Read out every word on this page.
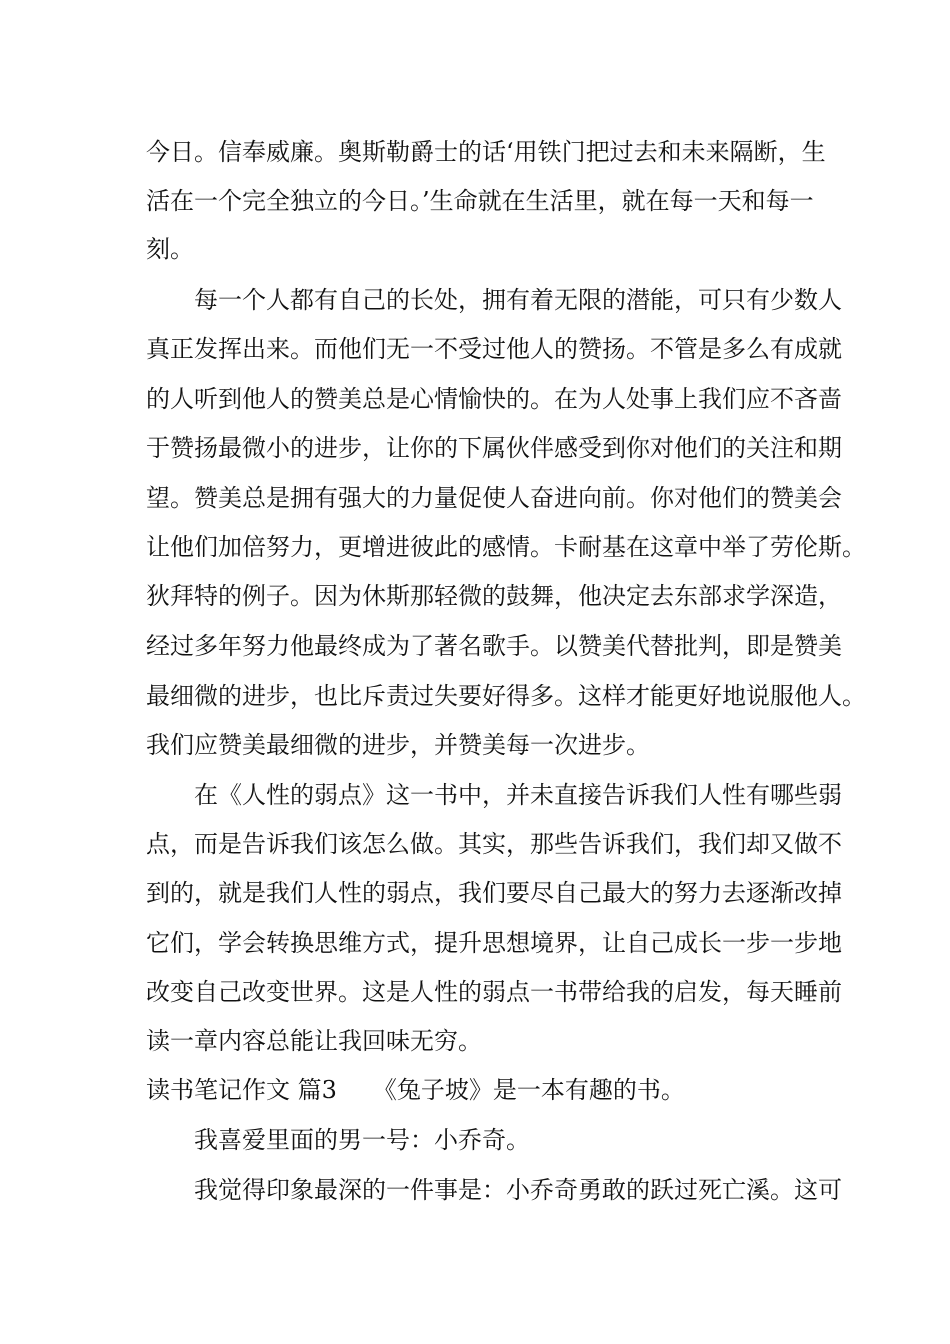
今日。信奉威廉。奥斯勒爵士的话‘用铁门把过去和未来隔断，生
活在一个完全独立的今日。’生命就在生活里，就在每一天和每一
刻。
每一个人都有自己的长处，拥有着无限的潜能，可只有少数人
真正发挥出来。而他们无一不受过他人的赞扬。不管是多么有成就
的人听到他人的赞美总是心情愉快的。在为人处事上我们应不吝啬
于赞扬最微小的进步，让你的下属伙伴感受到你对他们的关注和期
望。赞美总是拥有强大的力量促使人奋进向前。你对他们的赞美会
让他们加倍努力，更增进彼此的感情。卡耐基在这章中举了劳伦斯。
狄拜特的例子。因为休斯那轻微的鼓舞，他决定去东部求学深造，
经过多年努力他最终成为了著名歌手。以赞美代替批判，即是赞美
最细微的进步，也比斥责过失要好得多。这样才能更好地说服他人。
我们应赞美最细微的进步，并赞美每一次进步。
在《人性的弱点》这一书中，并未直接告诉我们人性有哪些弱
点，而是告诉我们该怎么做。其实，那些告诉我们，我们却又做不
到的，就是我们人性的弱点，我们要尽自己最大的努力去逐渐改掉
它们，学会转换思维方式，提升思想境界，让自己成长一步一步地
改变自己改变世界。这是人性的弱点一书带给我的启发，每天睡前
读一章内容总能让我回味无穷。
读书笔记作文 篇3　　《兔子坡》是一本有趣的书。
我喜爱里面的男一号：小乔奇。
我觉得印象最深的一件事是：小乔奇勇敢的跃过死亡溪。这可
